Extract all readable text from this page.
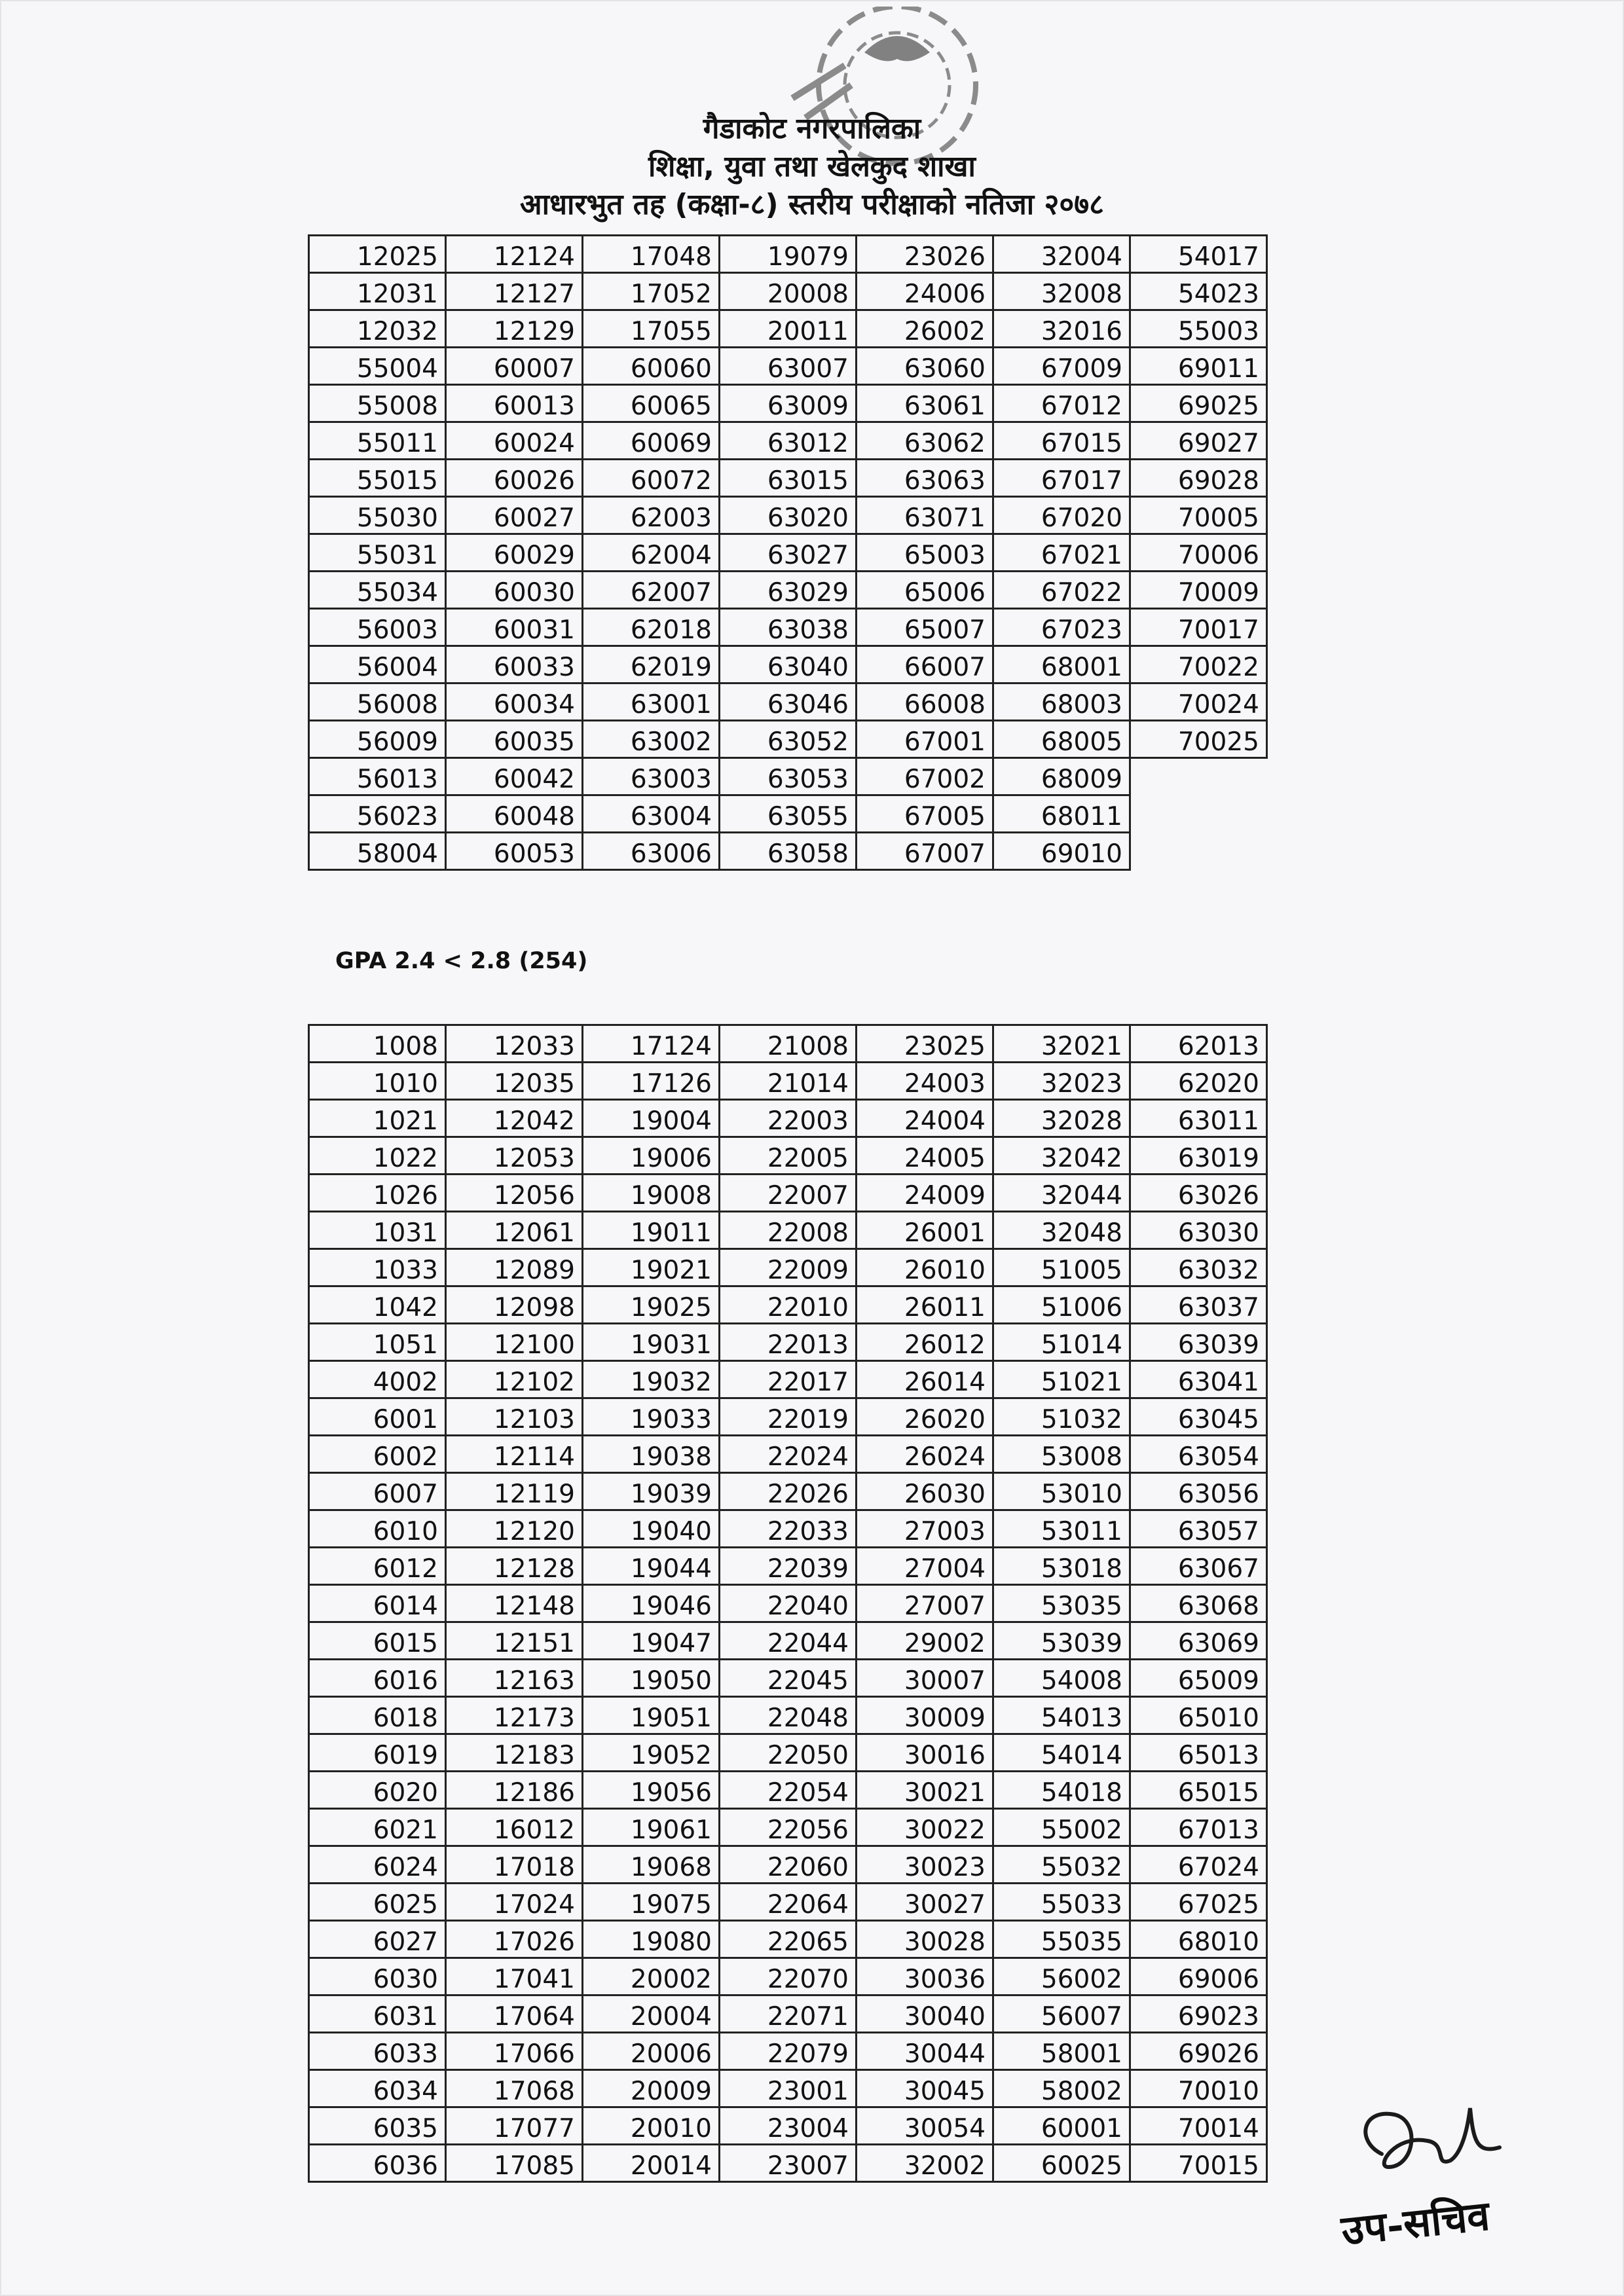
गैडाकोट नगरपालिका
शिक्षा, युवा तथा खेलकुद शाखा
आधारभुत तह (कक्षा-८) स्तरीय परीक्षाको नतिजा २०७८
12025	12124	17048	19079	23026	32004	54017
12031	12127	17052	20008	24006	32008	54023
12032	12129	17055	20011	26002	32016	55003
55004	60007	60060	63007	63060	67009	69011
55008	60013	60065	63009	63061	67012	69025
55011	60024	60069	63012	63062	67015	69027
55015	60026	60072	63015	63063	67017	69028
55030	60027	62003	63020	63071	67020	70005
55031	60029	62004	63027	65003	67021	70006
55034	60030	62007	63029	65006	67022	70009
56003	60031	62018	63038	65007	67023	70017
56004	60033	62019	63040	66007	68001	70022
56008	60034	63001	63046	66008	68003	70024
56009	60035	63002	63052	67001	68005	70025
56013	60042	63003	63053	67002	68009	
56023	60048	63004	63055	67005	68011	
58004	60053	63006	63058	67007	69010	
GPA 2.4 < 2.8 (254)
1008	12033	17124	21008	23025	32021	62013
1010	12035	17126	21014	24003	32023	62020
1021	12042	19004	22003	24004	32028	63011
1022	12053	19006	22005	24005	32042	63019
1026	12056	19008	22007	24009	32044	63026
1031	12061	19011	22008	26001	32048	63030
1033	12089	19021	22009	26010	51005	63032
1042	12098	19025	22010	26011	51006	63037
1051	12100	19031	22013	26012	51014	63039
4002	12102	19032	22017	26014	51021	63041
6001	12103	19033	22019	26020	51032	63045
6002	12114	19038	22024	26024	53008	63054
6007	12119	19039	22026	26030	53010	63056
6010	12120	19040	22033	27003	53011	63057
6012	12128	19044	22039	27004	53018	63067
6014	12148	19046	22040	27007	53035	63068
6015	12151	19047	22044	29002	53039	63069
6016	12163	19050	22045	30007	54008	65009
6018	12173	19051	22048	30009	54013	65010
6019	12183	19052	22050	30016	54014	65013
6020	12186	19056	22054	30021	54018	65015
6021	16012	19061	22056	30022	55002	67013
6024	17018	19068	22060	30023	55032	67024
6025	17024	19075	22064	30027	55033	67025
6027	17026	19080	22065	30028	55035	68010
6030	17041	20002	22070	30036	56002	69006
6031	17064	20004	22071	30040	56007	69023
6033	17066	20006	22079	30044	58001	69026
6034	17068	20009	23001	30045	58002	70010
6035	17077	20010	23004	30054	60001	70014
6036	17085	20014	23007	32002	60025	70015
उप-सचिव
